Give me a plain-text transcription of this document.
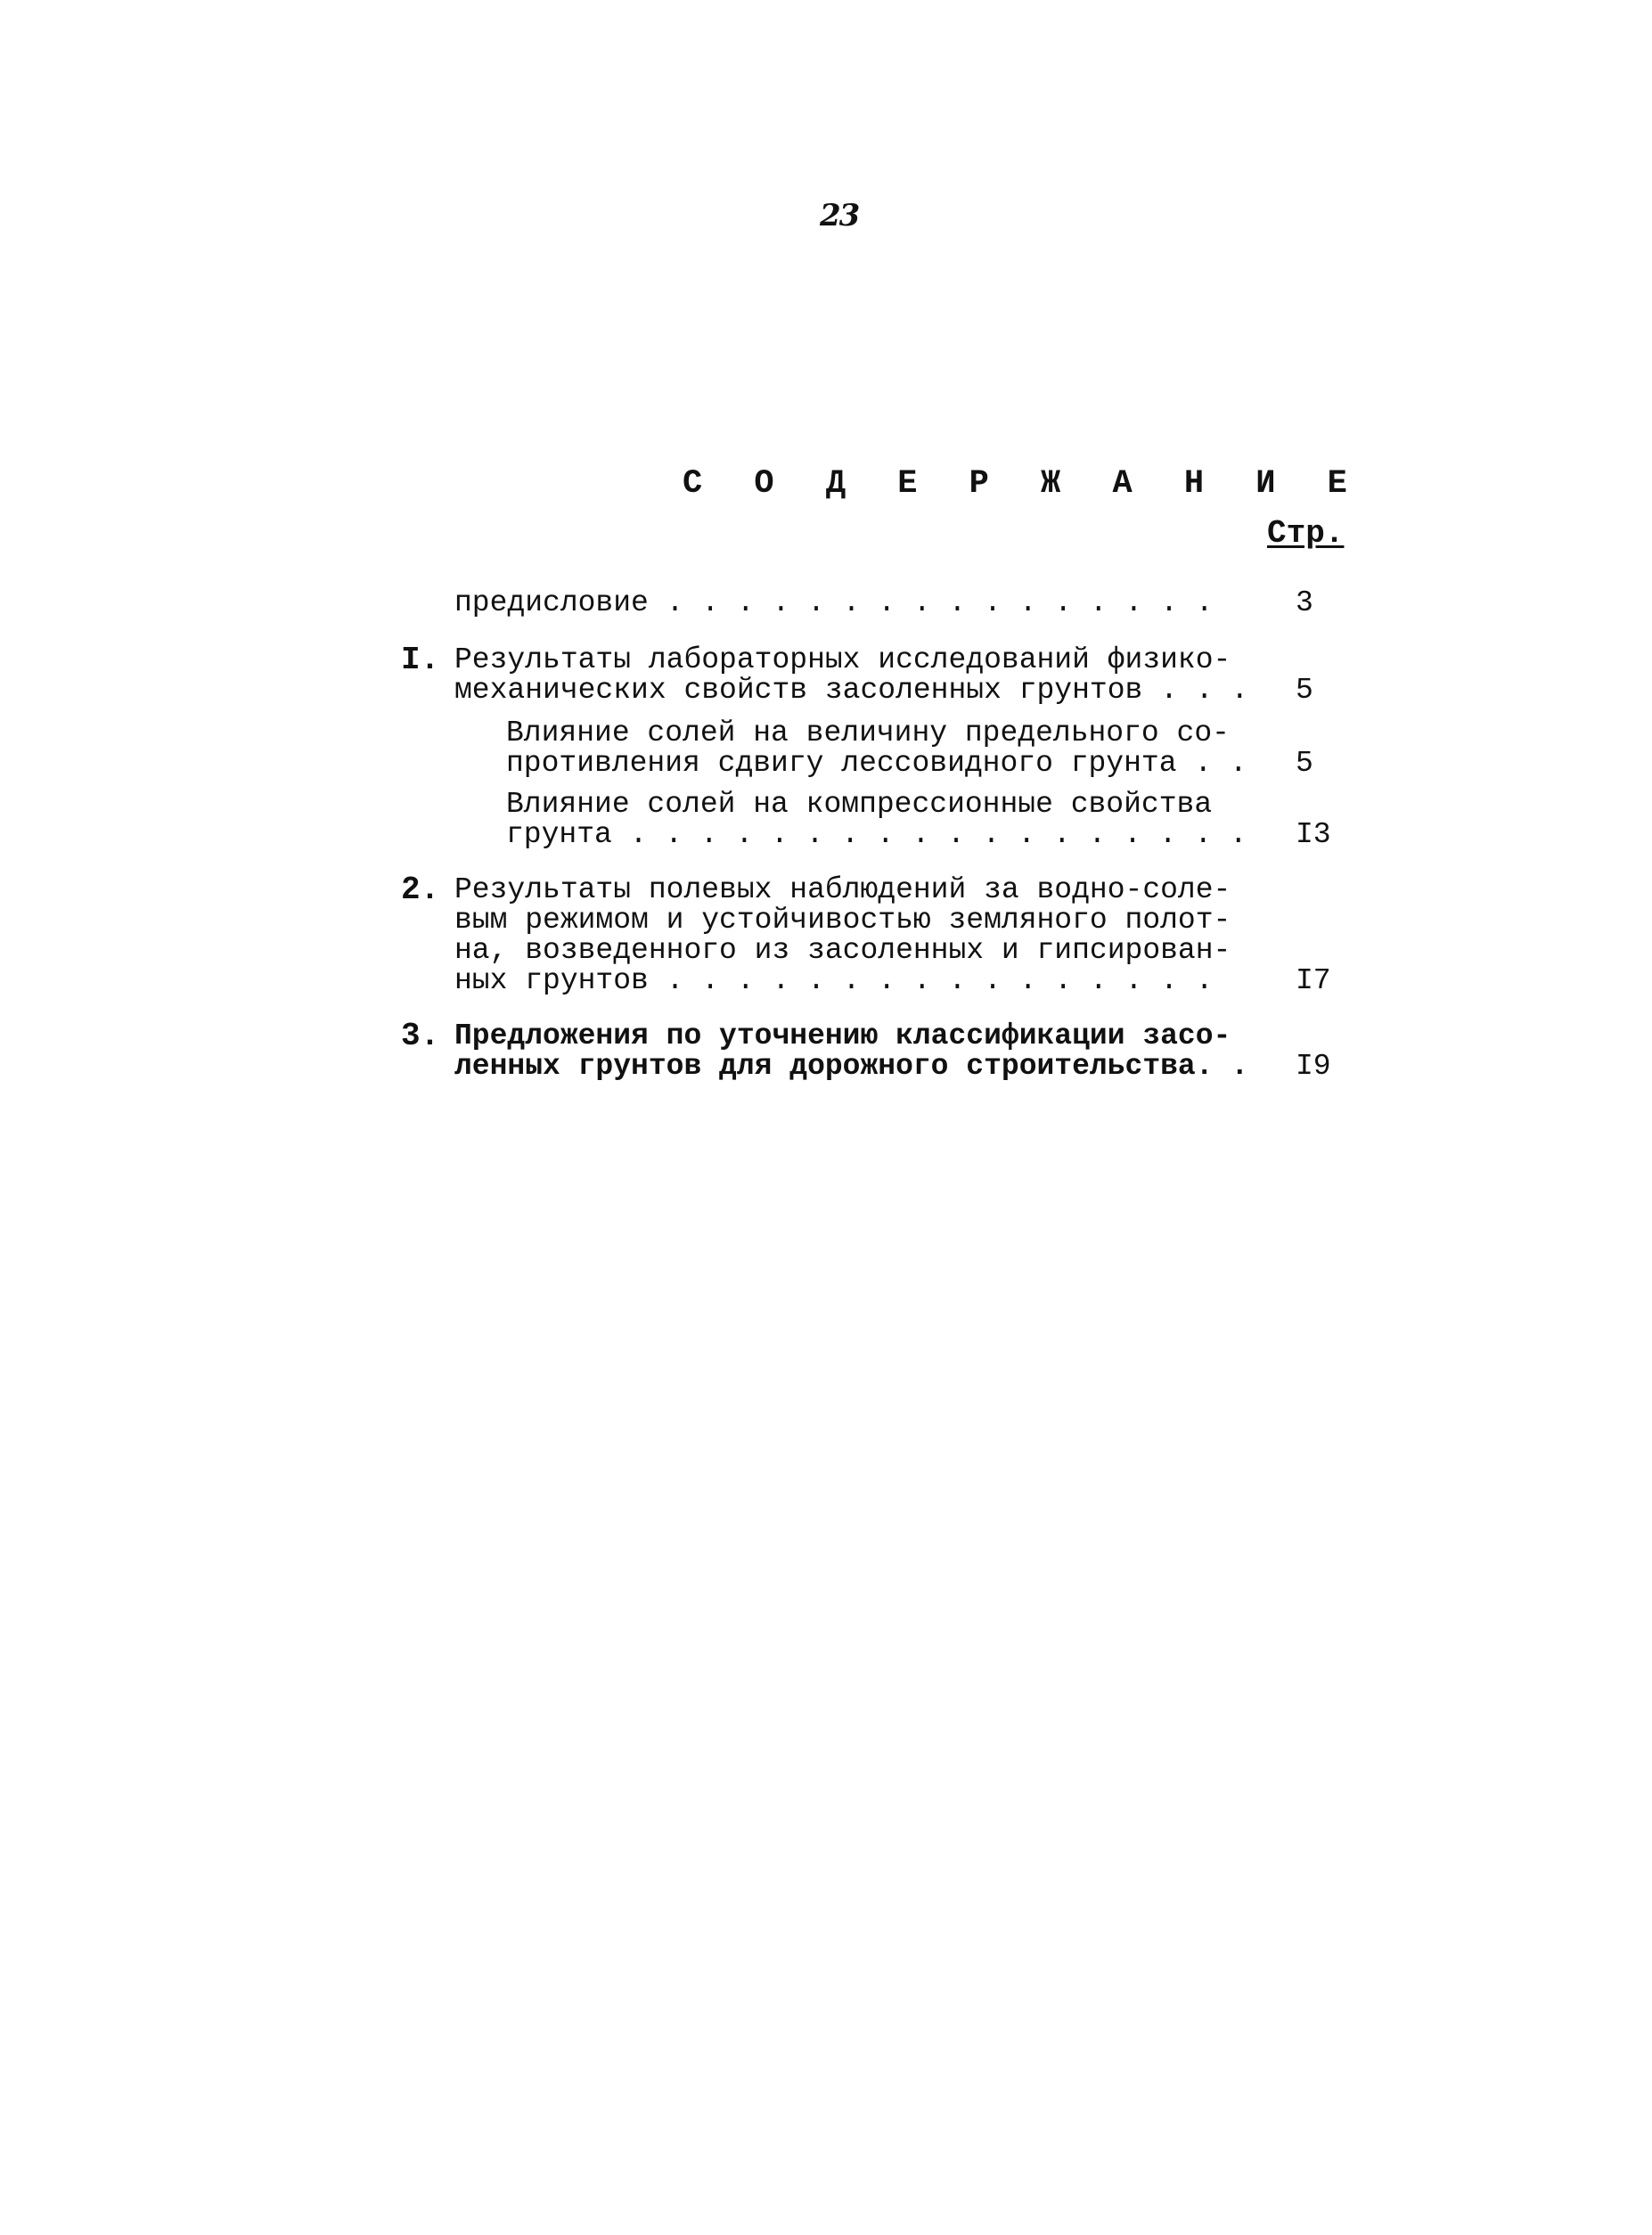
23
С О Д Е Р Ж А Н И Е
Стр.

предисловие . . . . . . . . . . . . . . . .	3

I. Результаты лабораторных исследований физико-

механических свойств засоленных грунтов . . . 5

Влияние солей на величину предельного со-

противления сдвигу лессовидного грунта . . 5

Влияние солей на компрессионные свойства

грунта . . . . . . . . . . . . . . . . . . I3

2. Результаты полевых наблюдений за водно-соле-

вым режимом и устойчивостью земляного полот-

на, возведенного из засоленных и гипсирован-

ных грунтов . . . . . . . . . . . . . . . .	I7

3. Предложения по уточнению классификации засо-

ленных грунтов для дорожного строительства. . I9
